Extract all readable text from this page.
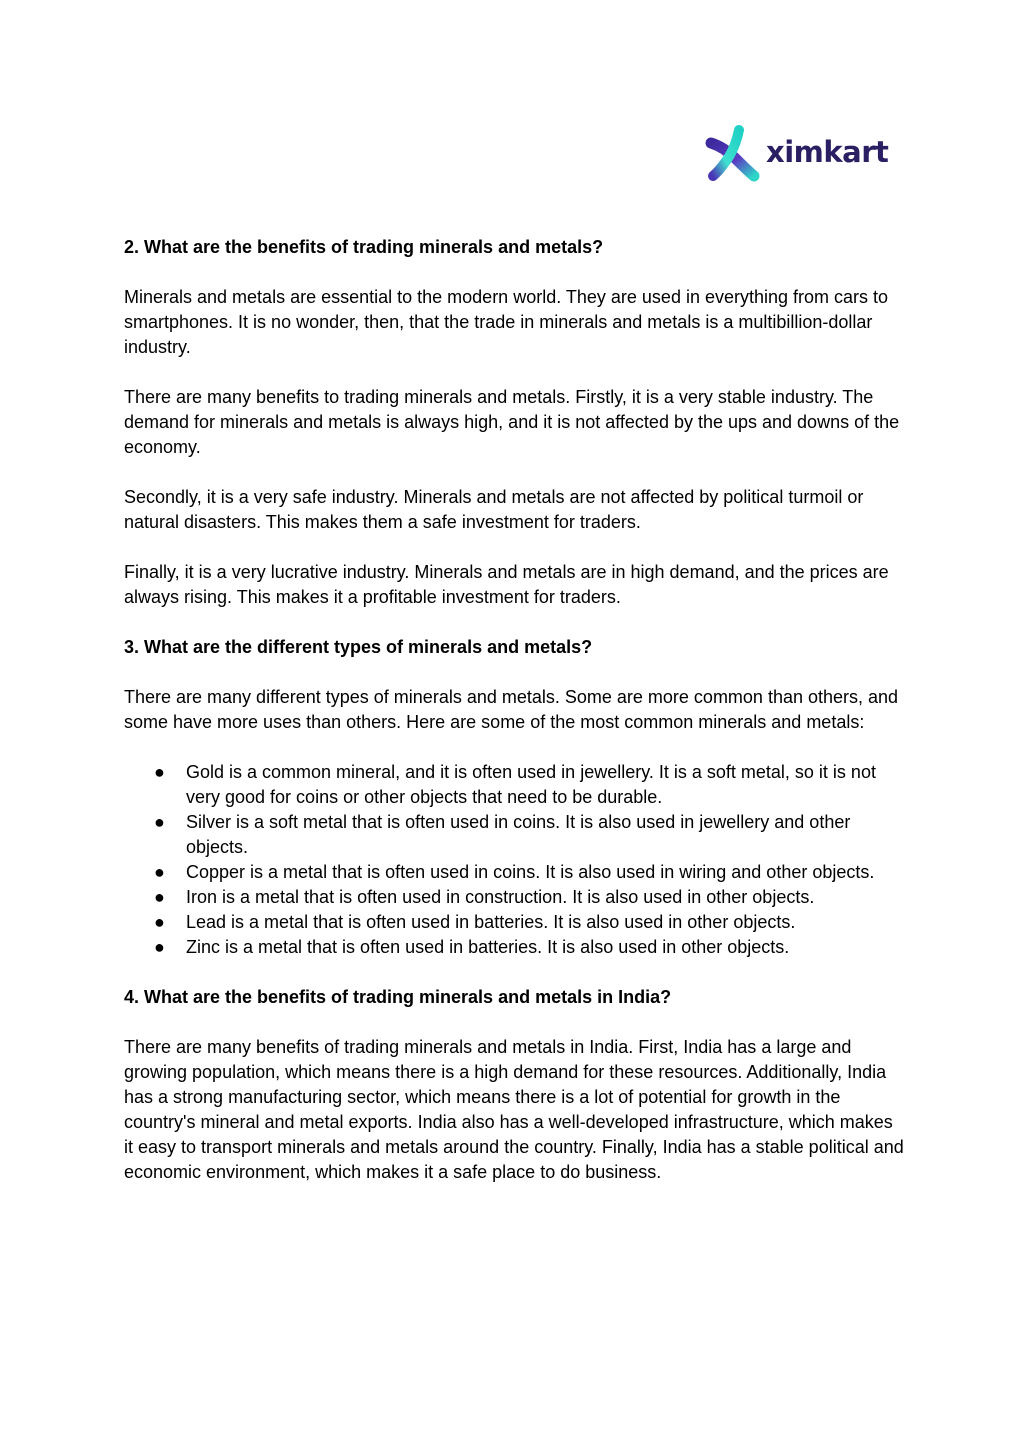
ximkart
2. What are the benefits of trading minerals and metals?

Minerals and metals are essential to the modern world. They are used in everything from cars to smartphones. It is no wonder, then, that the trade in minerals and metals is a multibillion-dollar industry.

There are many benefits to trading minerals and metals. Firstly, it is a very stable industry. The demand for minerals and metals is always high, and it is not affected by the ups and downs of the economy.

Secondly, it is a very safe industry. Minerals and metals are not affected by political turmoil or natural disasters. This makes them a safe investment for traders.

Finally, it is a very lucrative industry. Minerals and metals are in high demand, and the prices are always rising. This makes it a profitable investment for traders.

3. What are the different types of minerals and metals?

There are many different types of minerals and metals. Some are more common than others, and some have more uses than others. Here are some of the most common minerals and metals:

● Gold is a common mineral, and it is often used in jewellery. It is a soft metal, so it is not very good for coins or other objects that need to be durable.
● Silver is a soft metal that is often used in coins. It is also used in jewellery and other objects.
● Copper is a metal that is often used in coins. It is also used in wiring and other objects.
● Iron is a metal that is often used in construction. It is also used in other objects.
● Lead is a metal that is often used in batteries. It is also used in other objects.
● Zinc is a metal that is often used in batteries. It is also used in other objects.
4. What are the benefits of trading minerals and metals in India?

There are many benefits of trading minerals and metals in India. First, India has a large and growing population, which means there is a high demand for these resources. Additionally, India has a strong manufacturing sector, which means there is a lot of potential for growth in the country's mineral and metal exports. India also has a well-developed infrastructure, which makes it easy to transport minerals and metals around the country. Finally, India has a stable political and economic environment, which makes it a safe place to do business.
